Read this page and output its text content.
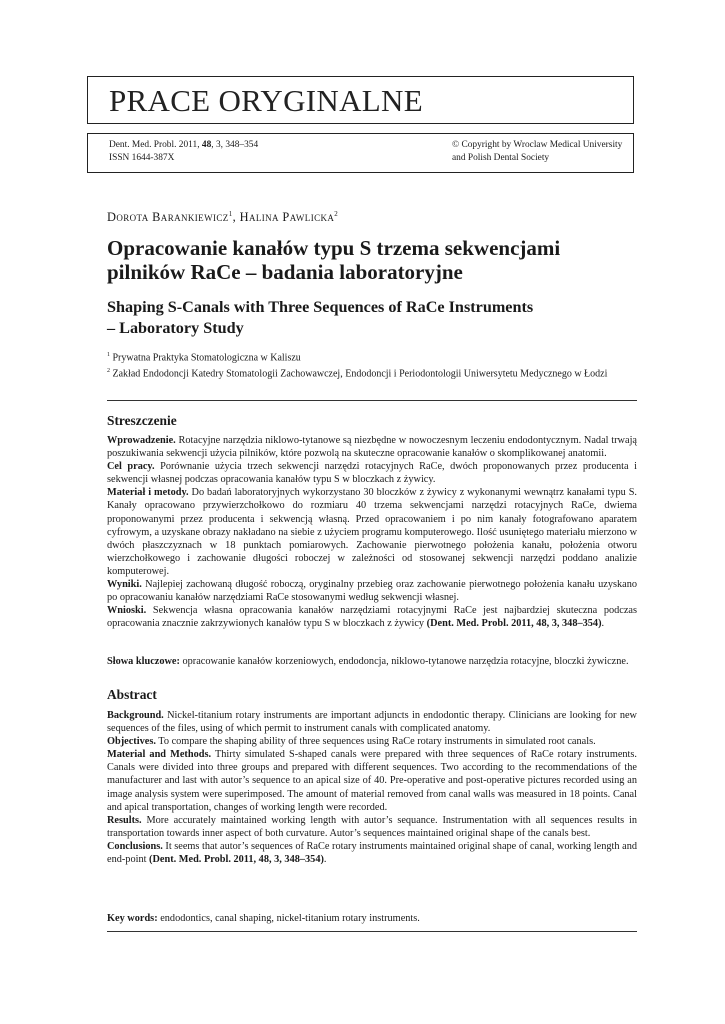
PRACE ORYGINALNE
Dent. Med. Probl. 2011, 48, 3, 348–354
ISSN 1644-387X
© Copyright by Wroclaw Medical University
and Polish Dental Society
Dorota Barankiewicz$^1$, Halina Pawlicka$^2$
Opracowanie kanałów typu S trzema sekwencjami
pilników RaCe – badania laboratoryjne
Shaping S-Canals with Three Sequences of RaCe Instruments
– Laboratory Study
$^1$ Prywatna Praktyka Stomatologiczna w Kaliszu
$^2$ Zakład Endodoncji Katedry Stomatologii Zachowawczej, Endodoncji i Periodontologii Uniwersytetu Medycznego w Łodzi
Streszczenie

Wprowadzenie. Rotacyjne narzędzia niklowo-tytanowe są niezbędne w nowoczesnym leczeniu endodontycznym. Nadal trwają poszukiwania sekwencji użycia pilników, które pozwolą na skuteczne opracowanie kanałów o skomplikowanej anatomii.

Cel pracy. Porównanie użycia trzech sekwencji narzędzi rotacyjnych RaCe, dwóch proponowanych przez producenta i sekwencji własnej podczas opracowania kanałów typu S w bloczkach z żywicy.

Materiał i metody. Do badań laboratoryjnych wykorzystano 30 bloczków z żywicy z wykonanymi wewnątrz kanałami typu S. Kanały opracowano przywierzchołkowo do rozmiaru 40 trzema sekwencjami narzędzi rotacyjnych RaCe, dwiema proponowanymi przez producenta i sekwencją własną. Przed opracowaniem i po nim kanały fotografowano aparatem cyfrowym, a uzyskane obrazy nakładano na siebie z użyciem programu komputerowego. Ilość usuniętego materiału mierzono w dwóch płaszczyznach w 18 punktach pomiarowych. Zachowanie pierwotnego położenia kanału, położenia otworu wierzchołkowego i zachowanie długości roboczej w zależności od stosowanej sekwencji narzędzi poddano analizie komputerowej.

Wyniki. Najlepiej zachowaną długość roboczą, oryginalny przebieg oraz zachowanie pierwotnego położenia kanału uzyskano po opracowaniu kanałów narzędziami RaCe stosowanymi według sekwencji własnej.

Wnioski. Sekwencja własna opracowania kanałów narzędziami rotacyjnymi RaCe jest najbardziej skuteczna podczas opracowania znacznie zakrzywionych kanałów typu S w bloczkach z żywicy (Dent. Med. Probl. 2011, 48, 3, 348–354).

Słowa kluczowe: opracowanie kanałów korzeniowych, endodoncja, niklowo-tytanowe narzędzia rotacyjne, bloczki żywiczne.

Abstract

Background. Nickel-titanium rotary instruments are important adjuncts in endodontic therapy. Clinicians are looking for new sequences of the files, using of which permit to instrument canals with complicated anatomy.

Objectives. To compare the shaping ability of three sequences using RaCe rotary instruments in simulated root canals.

Material and Methods. Thirty simulated S-shaped canals were prepared with three sequences of RaCe rotary instruments. Canals were divided into three groups and prepared with different sequences. Two according to the recommendations of the manufacturer and last with autor’s sequence to an apical size of 40. Pre-operative and post-operative pictures recorded using an image analysis system were superimposed. The amount of material removed from canal walls was measured in 18 points. Canal and apical transportation, changes of working length were recorded.

Results. More accurately maintained working length with autor’s sequance. Instrumentation with all sequences results in transportation towards inner aspect of both curvature. Autor’s sequences maintained original shape of the canals best.

Conclusions. It seems that autor’s sequences of RaCe rotary instruments maintained original shape of canal, working length and end-point (Dent. Med. Probl. 2011, 48, 3, 348–354).

Key words: endodontics, canal shaping, nickel-titanium rotary instruments.
